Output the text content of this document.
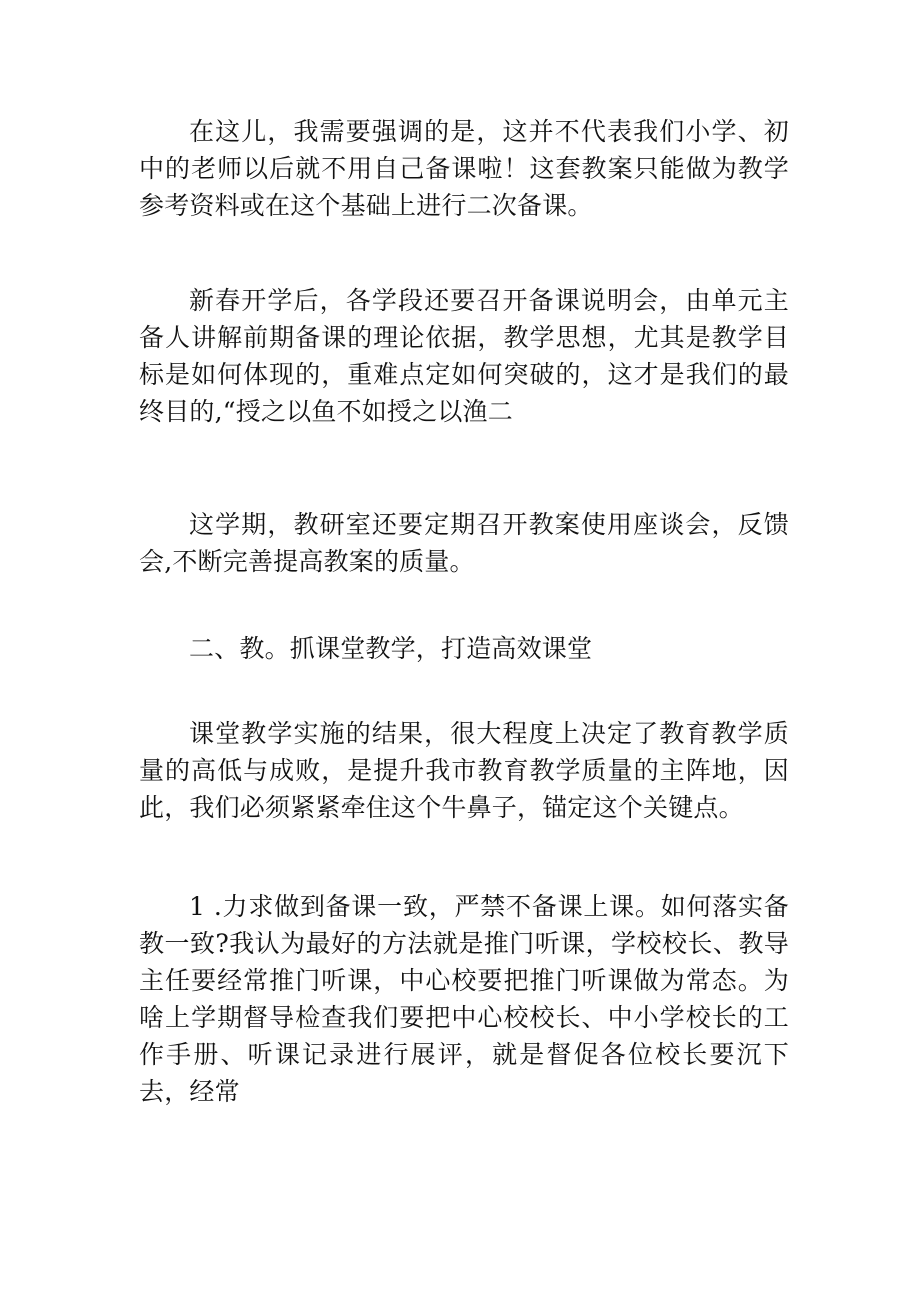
在这儿，我需要强调的是，这并不代表我们小学、初中的老师以后就不用自己备课啦！这套教案只能做为教学参考资料或在这个基础上进行二次备课。

新春开学后，各学段还要召开备课说明会，由单元主备人讲解前期备课的理论依据，教学思想，尤其是教学目标是如何体现的，重难点定如何突破的，这才是我们的最终目的,“授之以鱼不如授之以渔二

这学期，教研室还要定期召开教案使用座谈会，反馈会,不断完善提高教案的质量。

二、教。抓课堂教学，打造高效课堂

课堂教学实施的结果，很大程度上决定了教育教学质量的高低与成败，是提升我市教育教学质量的主阵地，因此，我们必须紧紧牵住这个牛鼻子，锚定这个关键点。

1 .力求做到备课一致，严禁不备课上课。如何落实备教一致?我认为最好的方法就是推门听课，学校校长、教导主任要经常推门听课，中心校要把推门听课做为常态。为啥上学期督导检查我们要把中心校校长、中小学校长的工作手册、听课记录进行展评，就是督促各位校长要沉下去，经常
